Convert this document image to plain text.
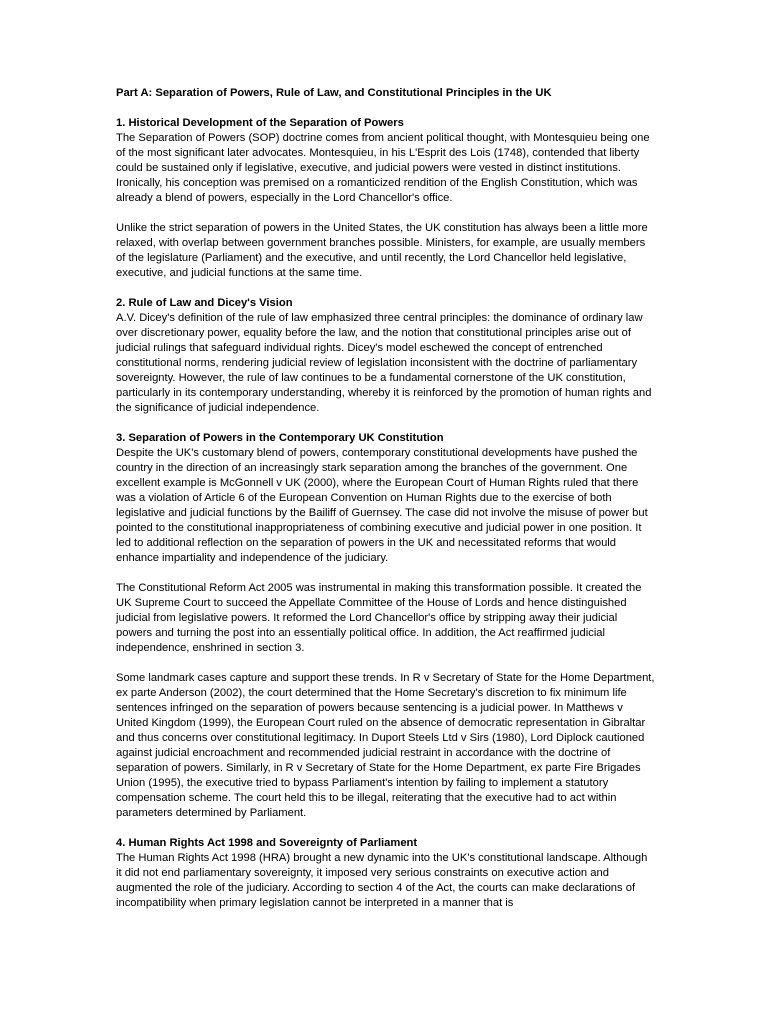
Part A: Separation of Powers, Rule of Law, and Constitutional Principles in the UK
1. Historical Development of the Separation of Powers

The Separation of Powers (SOP) doctrine comes from ancient political thought, with Montesquieu being one of the most significant later advocates. Montesquieu, in his L'Esprit des Lois (1748), contended that liberty could be sustained only if legislative, executive, and judicial powers were vested in distinct institutions. Ironically, his conception was premised on a romanticized rendition of the English Constitution, which was already a blend of powers, especially in the Lord Chancellor's office.

Unlike the strict separation of powers in the United States, the UK constitution has always been a little more relaxed, with overlap between government branches possible. Ministers, for example, are usually members of the legislature (Parliament) and the executive, and until recently, the Lord Chancellor held legislative, executive, and judicial functions at the same time.

2. Rule of Law and Dicey's Vision

A.V. Dicey's definition of the rule of law emphasized three central principles: the dominance of ordinary law over discretionary power, equality before the law, and the notion that constitutional principles arise out of judicial rulings that safeguard individual rights. Dicey's model eschewed the concept of entrenched constitutional norms, rendering judicial review of legislation inconsistent with the doctrine of parliamentary sovereignty. However, the rule of law continues to be a fundamental cornerstone of the UK constitution, particularly in its contemporary understanding, whereby it is reinforced by the promotion of human rights and the significance of judicial independence.

3. Separation of Powers in the Contemporary UK Constitution

Despite the UK's customary blend of powers, contemporary constitutional developments have pushed the country in the direction of an increasingly stark separation among the branches of the government. One excellent example is McGonnell v UK (2000), where the European Court of Human Rights ruled that there was a violation of Article 6 of the European Convention on Human Rights due to the exercise of both legislative and judicial functions by the Bailiff of Guernsey. The case did not involve the misuse of power but pointed to the constitutional inappropriateness of combining executive and judicial power in one position. It led to additional reflection on the separation of powers in the UK and necessitated reforms that would enhance impartiality and independence of the judiciary.

The Constitutional Reform Act 2005 was instrumental in making this transformation possible. It created the UK Supreme Court to succeed the Appellate Committee of the House of Lords and hence distinguished judicial from legislative powers. It reformed the Lord Chancellor's office by stripping away their judicial powers and turning the post into an essentially political office. In addition, the Act reaffirmed judicial independence, enshrined in section 3.

Some landmark cases capture and support these trends. In R v Secretary of State for the Home Department, ex parte Anderson (2002), the court determined that the Home Secretary's discretion to fix minimum life sentences infringed on the separation of powers because sentencing is a judicial power. In Matthews v United Kingdom (1999), the European Court ruled on the absence of democratic representation in Gibraltar and thus concerns over constitutional legitimacy. In Duport Steels Ltd v Sirs (1980), Lord Diplock cautioned against judicial encroachment and recommended judicial restraint in accordance with the doctrine of separation of powers. Similarly, in R v Secretary of State for the Home Department, ex parte Fire Brigades Union (1995), the executive tried to bypass Parliament's intention by failing to implement a statutory compensation scheme. The court held this to be illegal, reiterating that the executive had to act within parameters determined by Parliament.

4. Human Rights Act 1998 and Sovereignty of Parliament

The Human Rights Act 1998 (HRA) brought a new dynamic into the UK's constitutional landscape. Although it did not end parliamentary sovereignty, it imposed very serious constraints on executive action and augmented the role of the judiciary. According to section 4 of the Act, the courts can make declarations of incompatibility when primary legislation cannot be interpreted in a manner that is
